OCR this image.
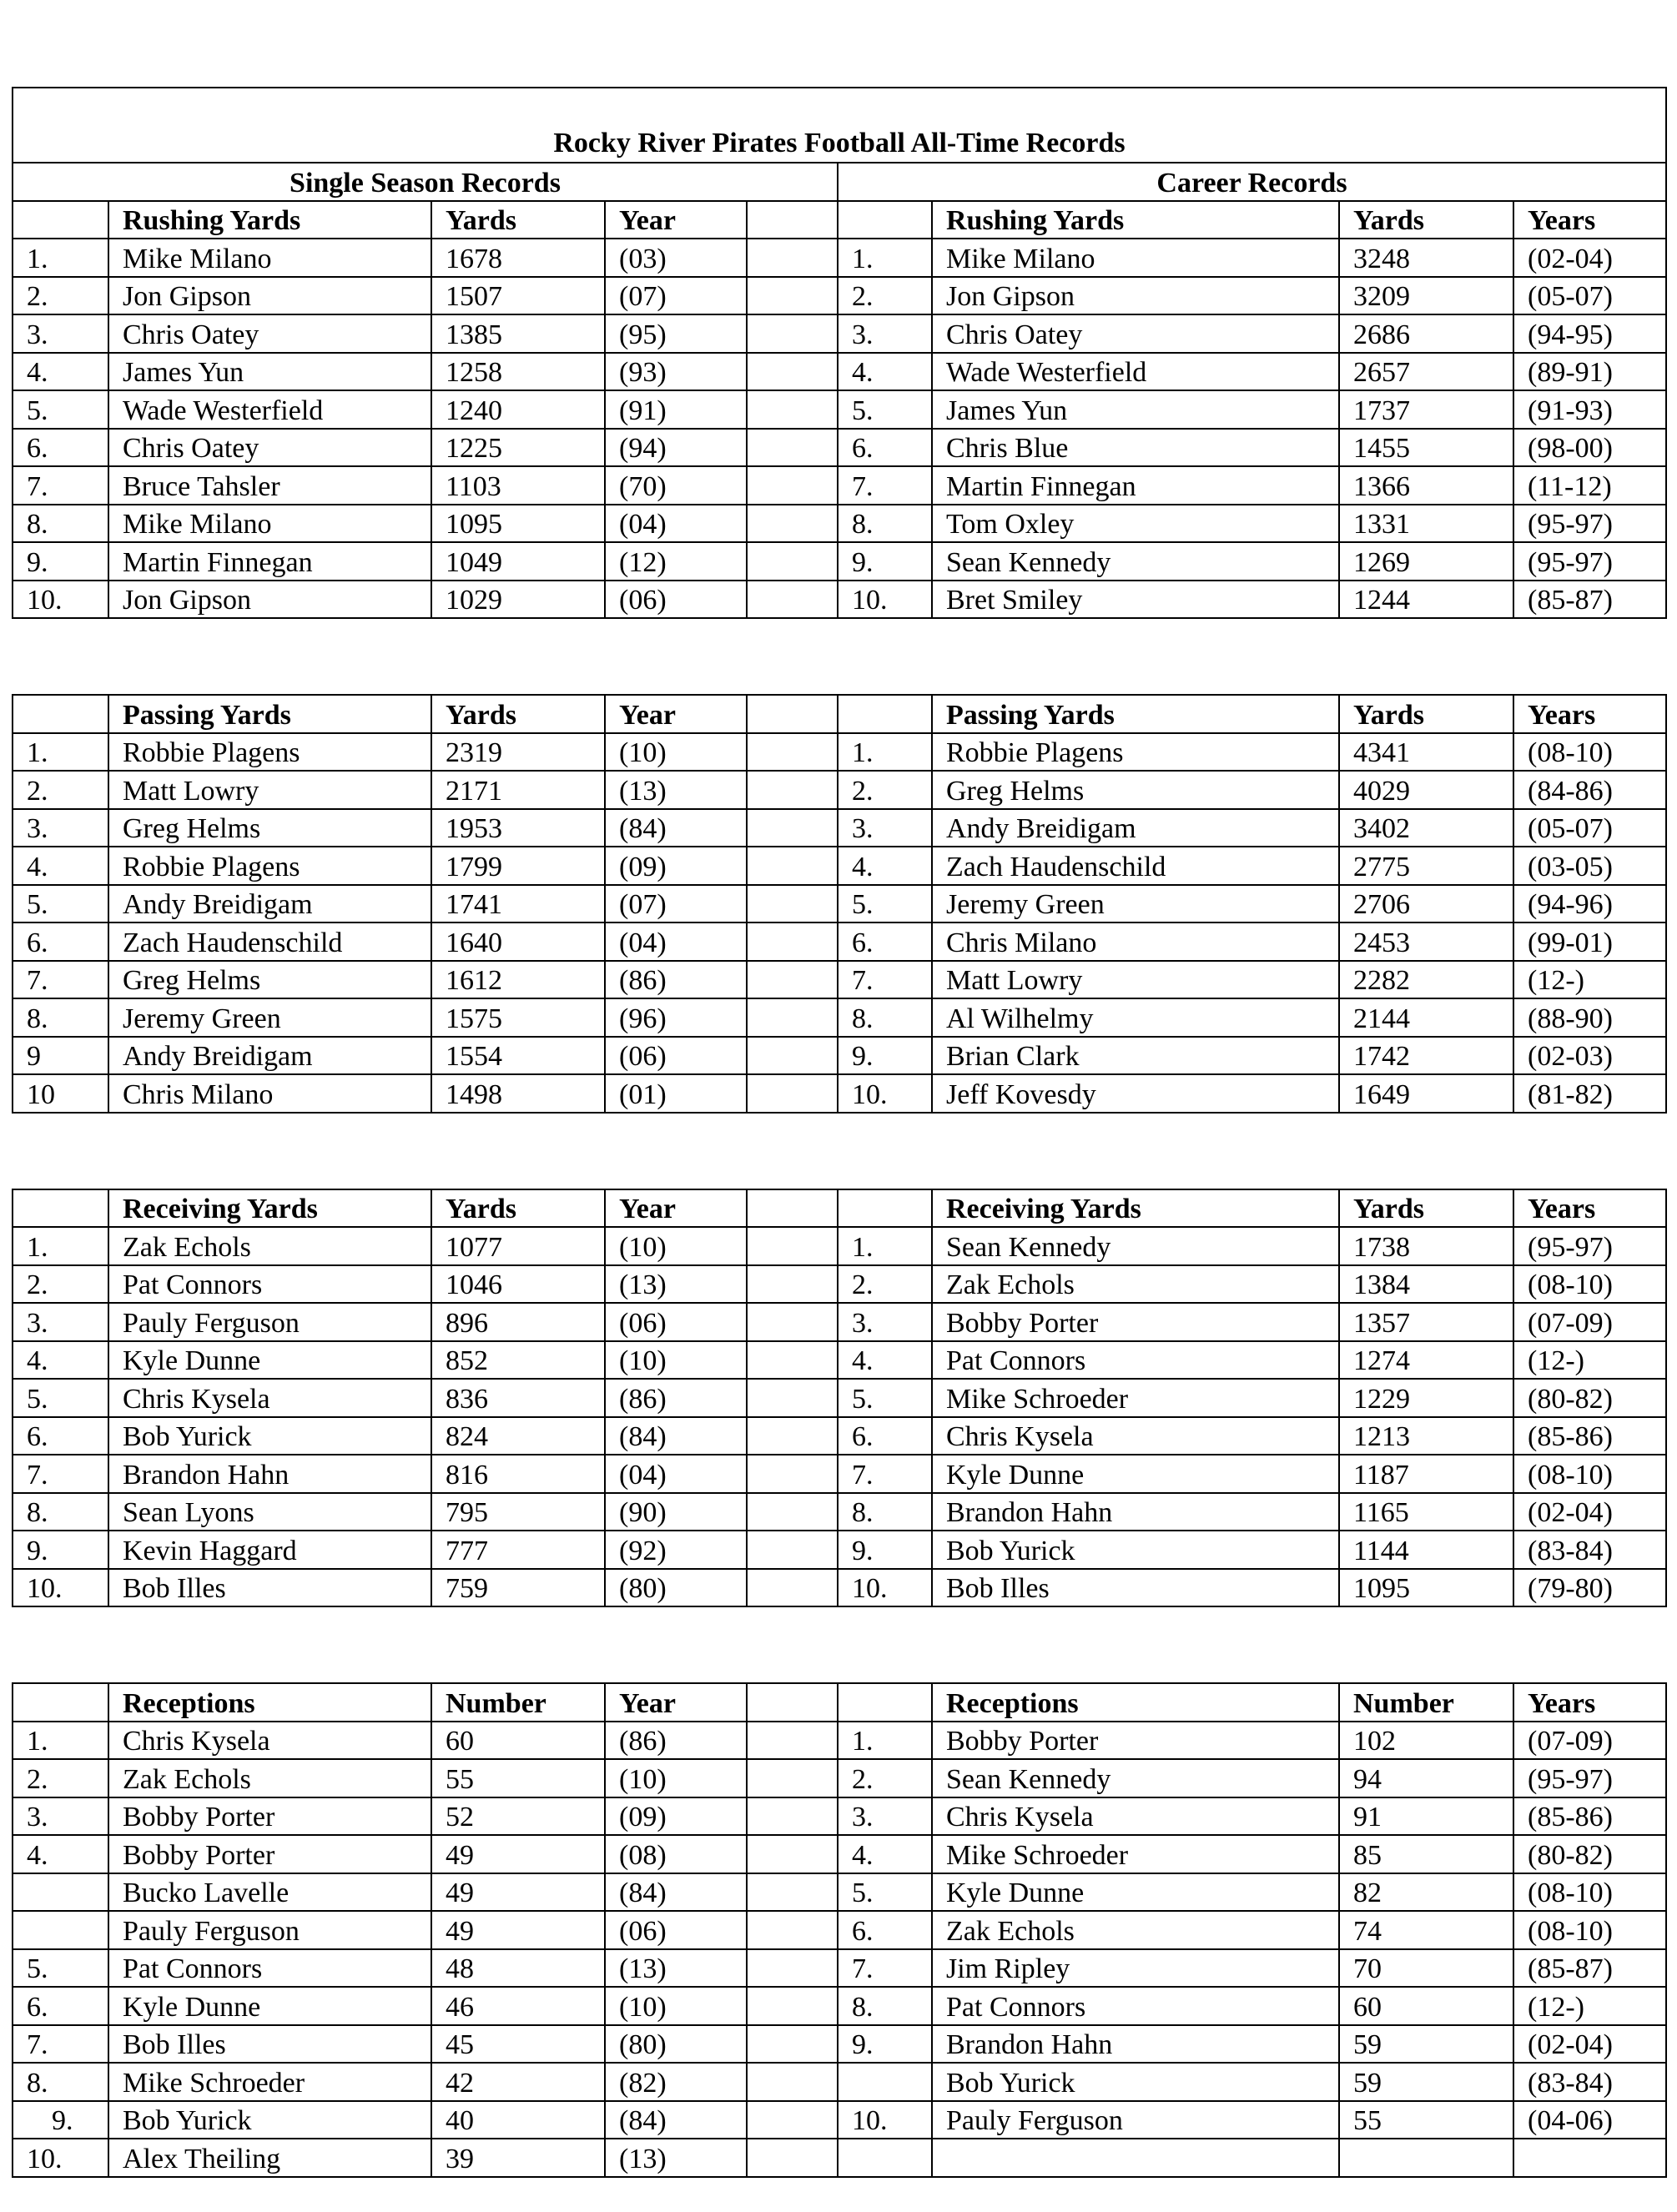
Rocky River Pirates Football All-Time Records								
Single Season Records					Career Records			
	Rushing Yards	Yards	Year			Rushing Yards	Yards	Years
1.	Mike Milano	1678	(03)		1.	Mike Milano	3248	(02-04)
2.	Jon Gipson	1507	(07)		2.	Jon Gipson	3209	(05-07)
3.	Chris Oatey	1385	(95)		3.	Chris Oatey	2686	(94-95)
4.	James Yun	1258	(93)		4.	Wade Westerfield	2657	(89-91)
5.	Wade Westerfield	1240	(91)		5.	James Yun	1737	(91-93)
6.	Chris Oatey	1225	(94)		6.	Chris Blue	1455	(98-00)
7.	Bruce Tahsler	1103	(70)		7.	Martin Finnegan	1366	(11-12)
8.	Mike Milano	1095	(04)		8.	Tom Oxley	1331	(95-97)
9.	Martin Finnegan	1049	(12)		9.	Sean Kennedy	1269	(95-97)
10.	Jon Gipson	1029	(06)		10.	Bret Smiley	1244	(85-87)

	Passing Yards	Yards	Year			Passing Yards	Yards	Years
1.	Robbie Plagens	2319	(10)		1.	Robbie Plagens	4341	(08-10)
2.	Matt Lowry	2171	(13)		2.	Greg Helms	4029	(84-86)
3.	Greg Helms	1953	(84)		3.	Andy Breidigam	3402	(05-07)
4.	Robbie Plagens	1799	(09)		4.	Zach Haudenschild	2775	(03-05)
5.	Andy Breidigam	1741	(07)		5.	Jeremy Green	2706	(94-96)
6.	Zach Haudenschild	1640	(04)		6.	Chris Milano	2453	(99-01)
7.	Greg Helms	1612	(86)		7.	Matt Lowry	2282	(12-)
8.	Jeremy Green	1575	(96)		8.	Al Wilhelmy	2144	(88-90)
9	Andy Breidigam	1554	(06)		9.	Brian Clark	1742	(02-03)
10	Chris Milano	1498	(01)		10.	Jeff Kovesdy	1649	(81-82)

	Receiving Yards	Yards	Year			Receiving Yards	Yards	Years
1.	Zak Echols	1077	(10)		1.	Sean Kennedy	1738	(95-97)
2.	Pat Connors	1046	(13)		2.	Zak Echols	1384	(08-10)
3.	Pauly Ferguson	896	(06)		3.	Bobby Porter	1357	(07-09)
4.	Kyle Dunne	852	(10)		4.	Pat Connors	1274	(12-)
5.	Chris Kysela	836	(86)		5.	Mike Schroeder	1229	(80-82)
6.	Bob Yurick	824	(84)		6.	Chris Kysela	1213	(85-86)
7.	Brandon Hahn	816	(04)		7.	Kyle Dunne	1187	(08-10)
8.	Sean Lyons	795	(90)		8.	Brandon Hahn	1165	(02-04)
9.	Kevin Haggard	777	(92)		9.	Bob Yurick	1144	(83-84)
10.	Bob Illes	759	(80)		10.	Bob Illes	1095	(79-80)

	Receptions	Number	Year			Receptions	Number	Years
1.	Chris Kysela	60	(86)		1.	Bobby Porter	102	(07-09)
2.	Zak Echols	55	(10)		2.	Sean Kennedy	94	(95-97)
3.	Bobby Porter	52	(09)		3.	Chris Kysela	91	(85-86)
4.	Bobby Porter	49	(08)		4.	Mike Schroeder	85	(80-82)
	Bucko Lavelle	49	(84)		5.	Kyle Dunne	82	(08-10)
	Pauly Ferguson	49	(06)		6.	Zak Echols	74	(08-10)
5.	Pat Connors	48	(13)		7.	Jim Ripley	70	(85-87)
6.	Kyle Dunne	46	(10)		8.	Pat Connors	60	(12-)
7.	Bob Illes	45	(80)		9.	Brandon Hahn	59	(02-04)
8.	Mike Schroeder	42	(82)			Bob Yurick	59	(83-84)
9.	Bob Yurick	40	(84)		10.	Pauly Ferguson	55	(04-06)
10.	Alex Theiling	39	(13)					
